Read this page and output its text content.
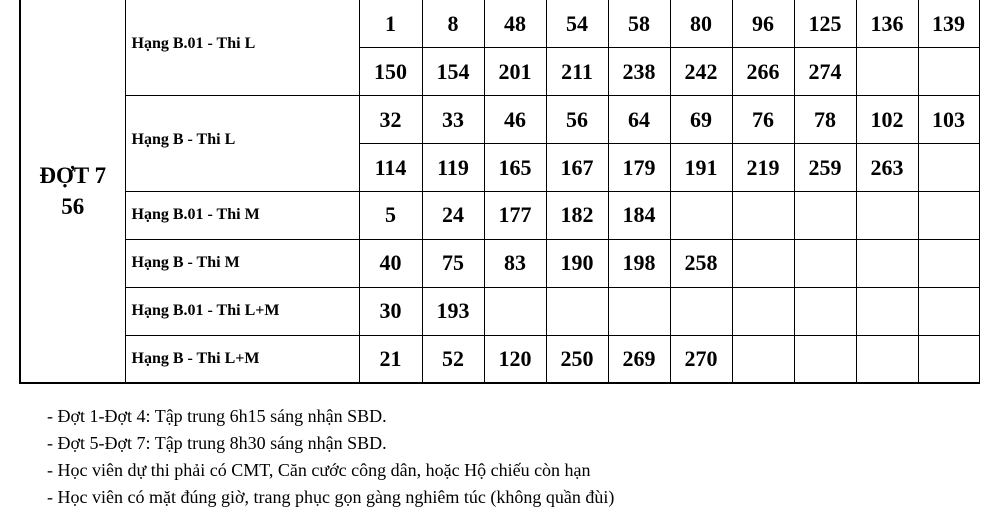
ĐỢT 7
56	Hạng B.01 - Thi L	1	8	48	54	58	80	96	125	136	139
		150	154	201	211	238	242	266	274		
	Hạng B - Thi L	32	33	46	56	64	69	76	78	102	103
		114	119	165	167	179	191	219	259	263	
	Hạng B.01 - Thi M	5	24	177	182	184					
	Hạng B - Thi M	40	75	83	190	198	258				
	Hạng B.01 - Thi L+M	30	193								
	Hạng B - Thi L+M	21	52	120	250	269	270				
- Đợt 1-Đợt 4: Tập trung 6h15 sáng nhận SBD.
- Đợt 5-Đợt 7: Tập trung 8h30 sáng nhận SBD.
- Học viên dự thi phải có CMT, Căn cước công dân, hoặc Hộ chiếu còn hạn
- Học viên có mặt đúng giờ, trang phục gọn gàng nghiêm túc (không quần đùi)
